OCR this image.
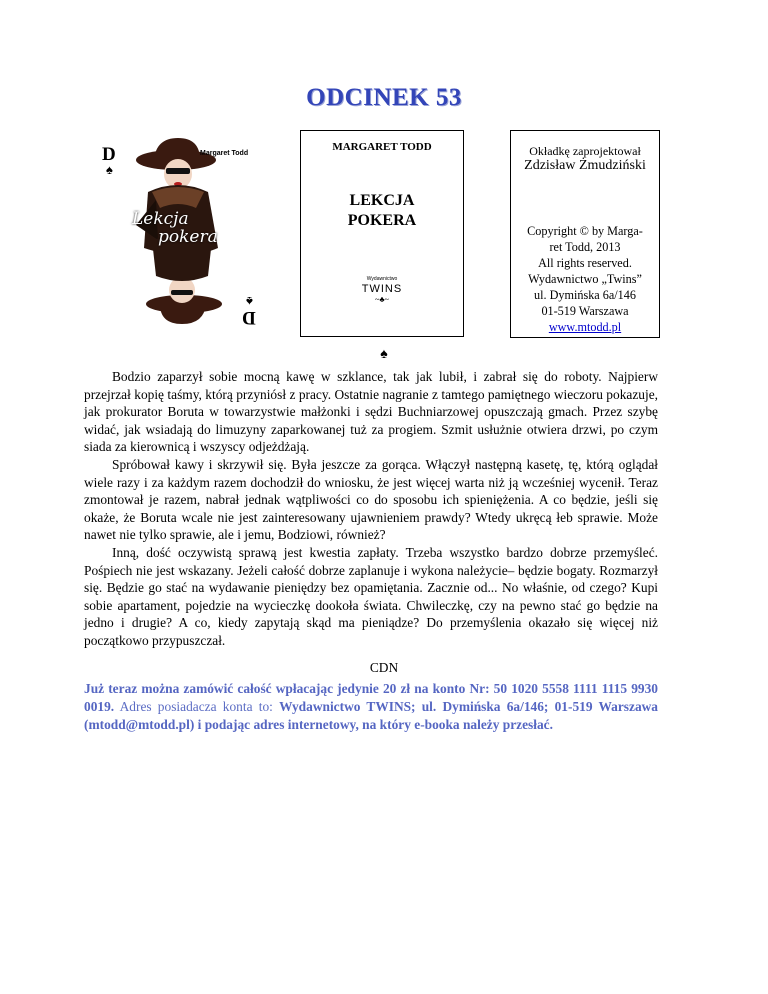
ODCINEK 53
D
♠
Margaret Todd
Lekcja
pokera
♠
D
MARGARET TODD
LEKCJA
POKERA
Wydawnictwo
TWINS
~♣~
Okładkę zaprojektował
Zdzisław Żmudziński
Copyright © by Marga-
ret Todd, 2013
All rights reserved.
Wydawnictwo „Twins”
ul. Dymińska 6a/146
01-519 Warszawa
www.mtodd.pl
♠

Bodzio zaparzył sobie mocną kawę w szklance, tak jak lubił, i zabrał się do roboty. Najpierw przejrzał kopię taśmy, którą przyniósł z pracy. Ostatnie nagranie z tamtego pamiętnego wieczoru pokazuje, jak prokurator Boruta w towarzystwie małżonki i sędzi Buchniarzowej opuszczają gmach. Przez szybę widać, jak wsiadają do limuzyny zaparkowanej tuż za progiem. Szmit usłużnie otwiera drzwi, po czym siada za kierownicą i wszyscy odjeżdżają.

Spróbował kawy i skrzywił się. Była jeszcze za gorąca. Włączył następną kasetę, tę, którą oglądał wiele razy i za każdym razem dochodził do wniosku, że jest więcej warta niż ją wcześniej wycenił. Teraz zmontował je razem, nabrał jednak wątpliwości co do sposobu ich spieniężenia. A co będzie, jeśli się okaże, że Boruta wcale nie jest zainteresowany ujawnieniem prawdy? Wtedy ukręcą łeb sprawie. Może nawet nie tylko sprawie, ale i jemu, Bodziowi, również?

Inną, dość oczywistą sprawą jest kwestia zapłaty. Trzeba wszystko bardzo dobrze przemyśleć. Pośpiech nie jest wskazany. Jeżeli całość dobrze zaplanuje i wykona należycie– będzie bogaty. Rozmarzył się. Będzie go stać na wydawanie pieniędzy bez opamiętania. Zacznie od... No właśnie, od czego? Kupi sobie apartament, pojedzie na wycieczkę dookoła świata. Chwileczkę, czy na pewno stać go będzie na jedno i drugie? A co, kiedy zapytają skąd ma pieniądze? Do przemyślenia okazało się więcej niż początkowo przypuszczał.

CDN

Już teraz można zamówić całość wpłacając jedynie 20 zł na konto Nr: 50 1020 5558 1111 1115 9930 0019. Adres posiadacza konta to: Wydawnictwo TWINS; ul. Dymińska 6a/146; 01-519 Warszawa (mtodd@mtodd.pl) i podając adres internetowy, na który e-booka należy przesłać.
